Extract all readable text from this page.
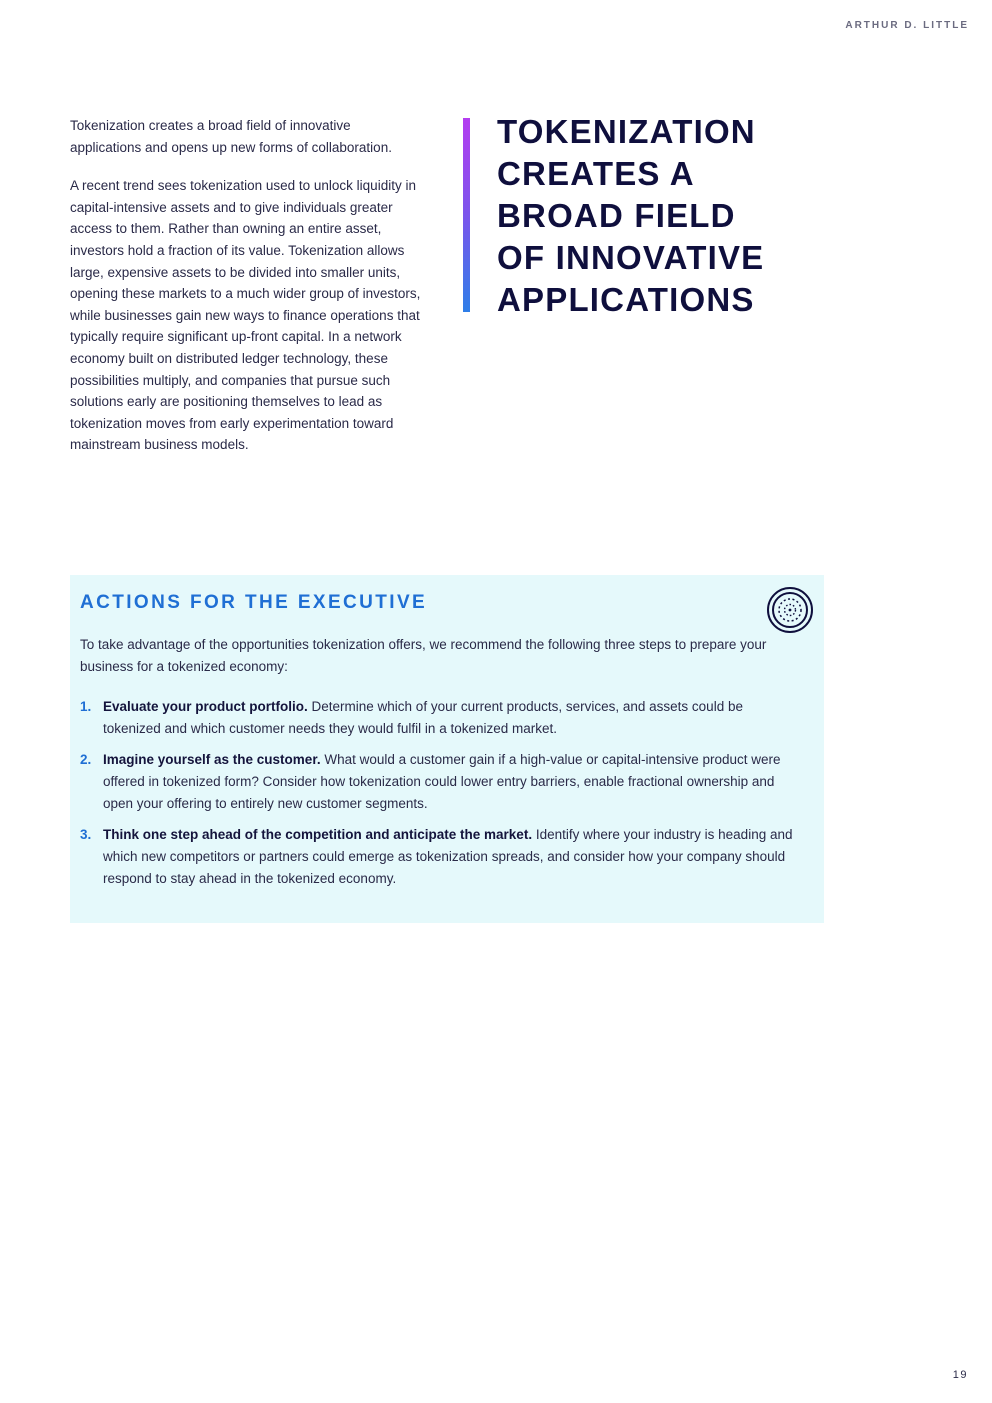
ARTHUR D. LITTLE

Tokenization creates a broad field of innovative applications and opens up new forms of collaboration.

A recent trend sees tokenization used to unlock liquidity in capital-intensive assets and to give individuals greater access to them. Rather than owning an entire asset, investors hold a fraction of its value. Tokenization allows large, expensive assets to be divided into smaller units, opening these markets to a much wider group of investors, while businesses gain new ways to finance operations that typically require significant up-front capital. In a network economy built on distributed ledger technology, these possibilities multiply, and companies that pursue such solutions early are positioning themselves to lead as tokenization moves from early experimentation toward mainstream business models.

TOKENIZATION
CREATES A
BROAD FIELD
OF INNOVATIVE
APPLICATIONS
ACTIONS FOR THE EXECUTIVE

To take advantage of the opportunities tokenization offers, we recommend the following three steps to prepare your business for a tokenized economy:

1. Evaluate your product portfolio. Determine which of your current products, services, and assets could be tokenized and which customer needs they would fulfil in a tokenized market.
2. Imagine yourself as the customer. What would a customer gain if a high-value or capital-intensive product were offered in tokenized form? Consider how tokenization could lower entry barriers, enable fractional ownership and open your offering to entirely new customer segments.
3. Think one step ahead of the competition and anticipate the market. Identify where your industry is heading and which new competitors or partners could emerge as tokenization spreads, and consider how your company should respond to stay ahead in the tokenized economy.
19
